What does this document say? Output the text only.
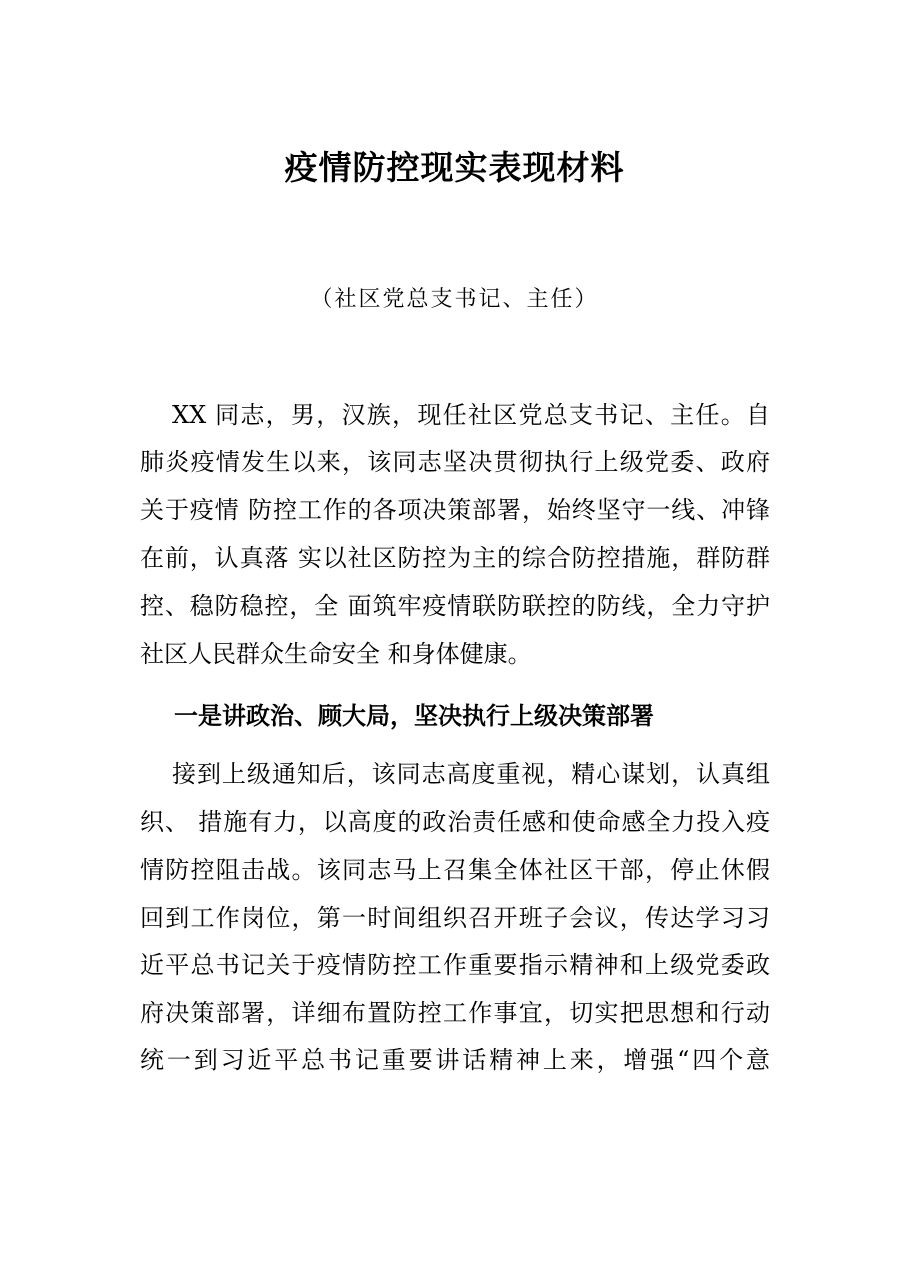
疫情防控现实表现材料
（社区党总支书记、主任）
XX 同志，男，汉族，现任社区党总支书记、主任。自
肺炎疫情发生以来，该同志坚决贯彻执行上级党委、政府
关于疫情 防控工作的各项决策部署，始终坚守一线、冲锋
在前，认真落 实以社区防控为主的综合防控措施，群防群
控、稳防稳控，全 面筑牢疫情联防联控的防线，全力守护
社区人民群众生命安全 和身体健康。
一是讲政治、顾大局，坚决执行上级决策部署
接到上级通知后，该同志高度重视，精心谋划，认真组
织、 措施有力，以高度的政治责任感和使命感全力投入疫
情防控阻击战。该同志马上召集全体社区干部，停止休假
回到工作岗位，第一时间组织召开班子会议，传达学习习
近平总书记关于疫情防控工作重要指示精神和上级党委政
府决策部署，详细布置防控工作事宜，切实把思想和行动
统一到习近平总书记重要讲话精神上来，增强“四个意
